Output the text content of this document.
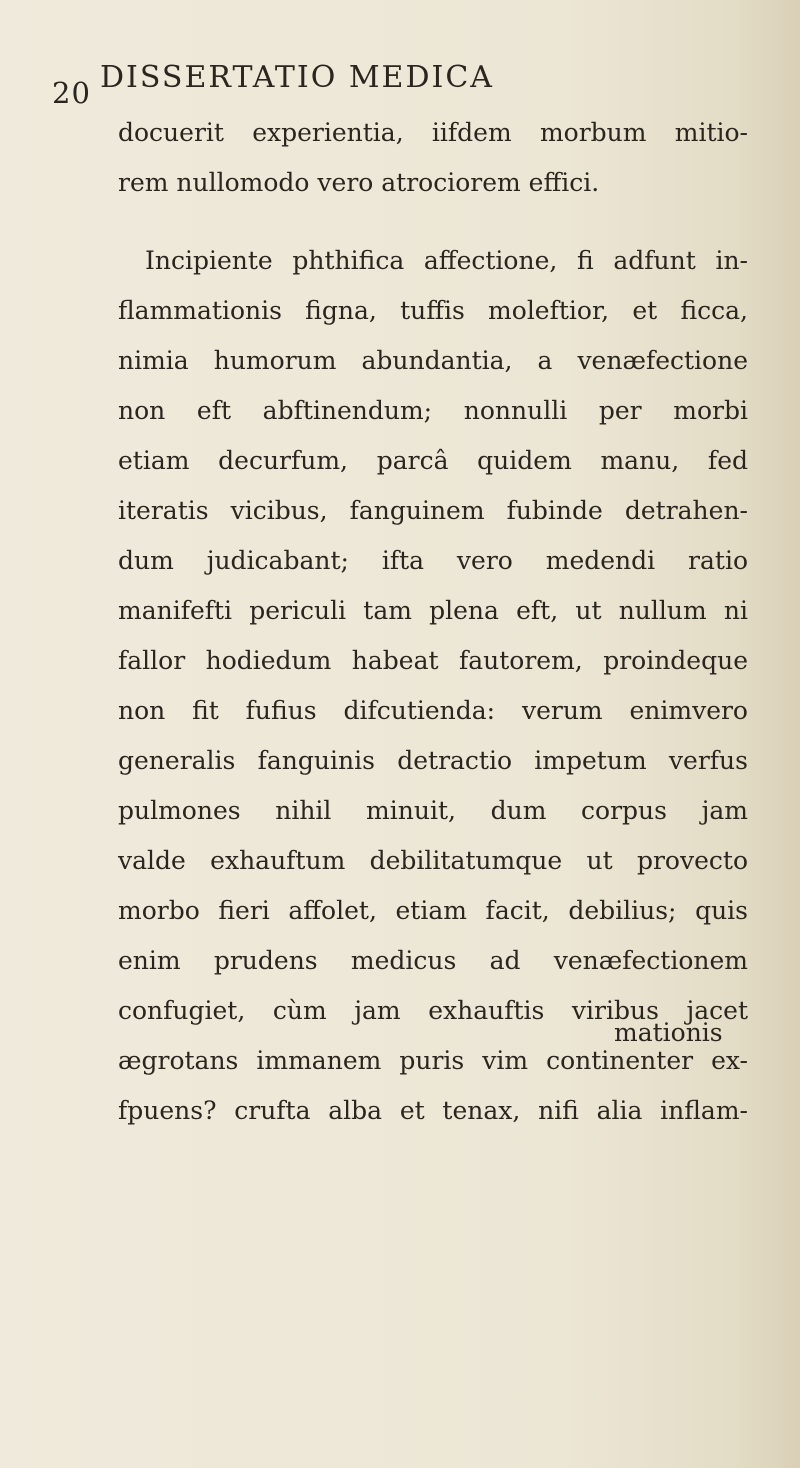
20 DISSERTATIO MEDICA
docuerit experientia, iifdem morbum mitio-
rem nullomodo vero atrociorem effici.
Incipiente phthifica affectione, fi adfunt in-
flammationis figna, tuffis moleftior, et ficca,
nimia humorum abundantia, a venæfectione
non eft abftinendum; nonnulli per morbi
etiam decurfum, parcâ quidem manu, fed
iteratis vicibus, fanguinem fubinde detrahen-
dum judicabant; ifta vero medendi ratio
manifefti periculi tam plena eft, ut nullum ni
fallor hodiedum habeat fautorem, proindeque
non fit fufius difcutienda: verum enimvero
generalis fanguinis detractio impetum verfus
pulmones nihil minuit, dum corpus jam
valde exhauftum debilitatumque ut provecto
morbo fieri affolet, etiam facit, debilius; quis
enim prudens medicus ad venæfectionem
confugiet, cùm jam exhauftis viribus jacet
ægrotans immanem puris vim continenter ex-
fpuens? crufta alba et tenax, nifi alia inflam-
mationis
